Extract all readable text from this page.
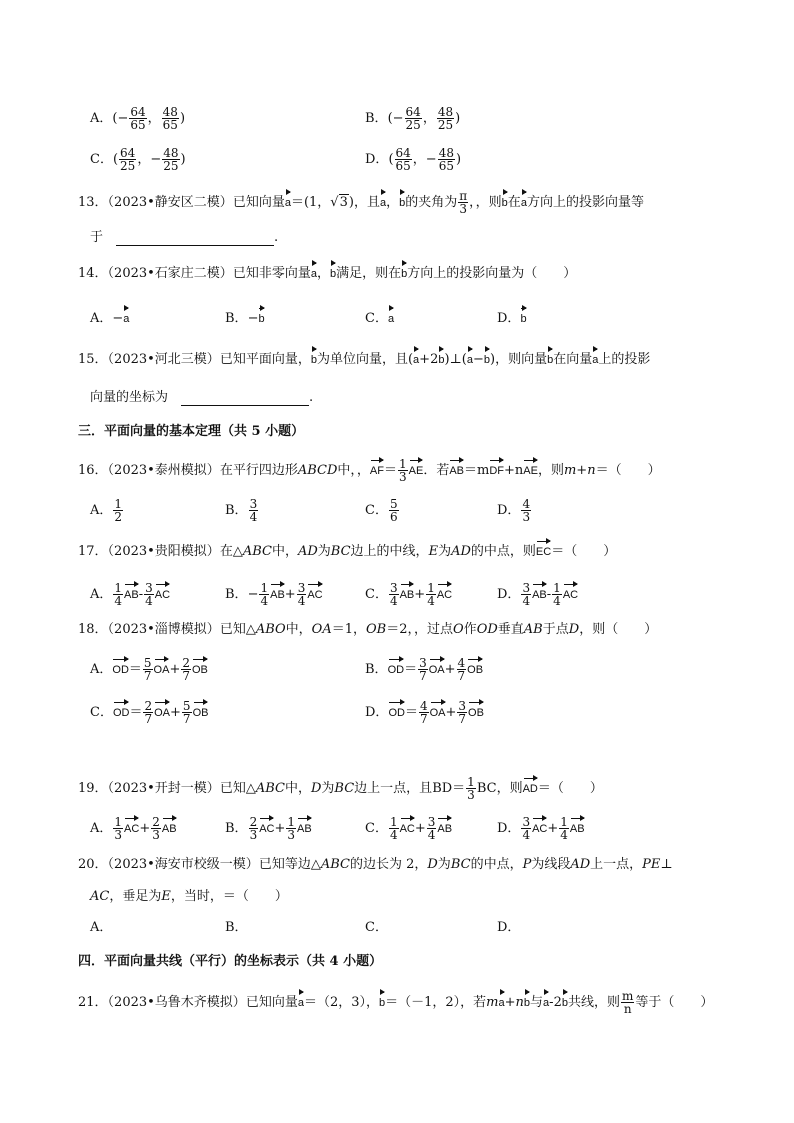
A．(− $\frac{64}{65}$ ， $\frac{48}{65}$ )	B．(− $\frac{64}{25}$ ， $\frac{48}{25}$ )
C．( $\frac{64}{25}$ ，− $\frac{48}{25}$ )	D．( $\frac{64}{65}$ ，− $\frac{48}{65}$ )
13．（2023•静安区二模）已知向量a＝(1，√3)，且a，b的夹角为 $\frac{\pi}{3}$ ，，则b在a方向上的投影向量等
于　	.
14．（2023•石家庄二模）已知非零向量a，b满足，则在b方向上的投影向量为（　　）
A．−a	B．−b	C．a	D．b
15．（2023•河北三模）已知平面向量，b为单位向量，且(a+2b)⊥(a−b)，则向量b在向量a上的投影
向量的坐标为　	.
三．平面向量的基本定理（共 5 小题）
16．（2023•泰州模拟）在平行四边形ABCD中，，$AF= \frac{1}{3}$ AE．若AB＝mDF+nAE，则m+n＝（　　）
A． $\frac{1}{2}$	B． $\frac{3}{4}$	C． $\frac{5}{6}$	D． $\frac{4}{3}$
17．（2023•贵阳模拟）在△ABC中，AD为BC边上的中线，E为AD的中点，则EC＝（　　）
A． $\frac{1}{4} AB- \frac{3}{4}$ AC	B．− $\frac{1}{4} AB+ \frac{3}{4}$ AC	C． $\frac{3}{4} AB+ \frac{1}{4}$ AC	D． $\frac{3}{4} AB- \frac{1}{4}$ AC
18．（2023•淄博模拟）已知△ABO中，OA＝1，OB＝2，，过点O作OD垂直AB于点D，则（　　）
A．$OD= \frac{5}{7} OA+ \frac{2}{7}$ OB	B．$OD= \frac{3}{7} OA+ \frac{4}{7}$ OB
C．$OD= \frac{2}{7} OA+ \frac{5}{7}$ OB	D．$OD= \frac{4}{7} OA+ \frac{3}{7}$ OB
19．（2023•开封一模）已知△ABC中，D为BC边上一点，且$BD= \frac{1}{3}$ BC，则AD＝（　　）
A． $\frac{1}{3} AC+ \frac{2}{3}$ AB	B． $\frac{2}{3} AC+ \frac{1}{3}$ AB	C． $\frac{1}{4} AC+ \frac{3}{4}$ AB	D． $\frac{3}{4} AC+ \frac{1}{4}$ AB
20．（2023•海安市校级一模）已知等边△ABC的边长为 2，D为BC的中点，P为线段AD上一点，PE⊥
AC，垂足为E，当时，＝（　　）
A．	B．	C．	D．
四．平面向量共线（平行）的坐标表示（共 4 小题）
21．（2023•乌鲁木齐模拟）已知向量a＝（2，3），b＝（－1，2），若ma+nb与a-2b共线，则 $\frac{m}{n}$ 等于（　　）
